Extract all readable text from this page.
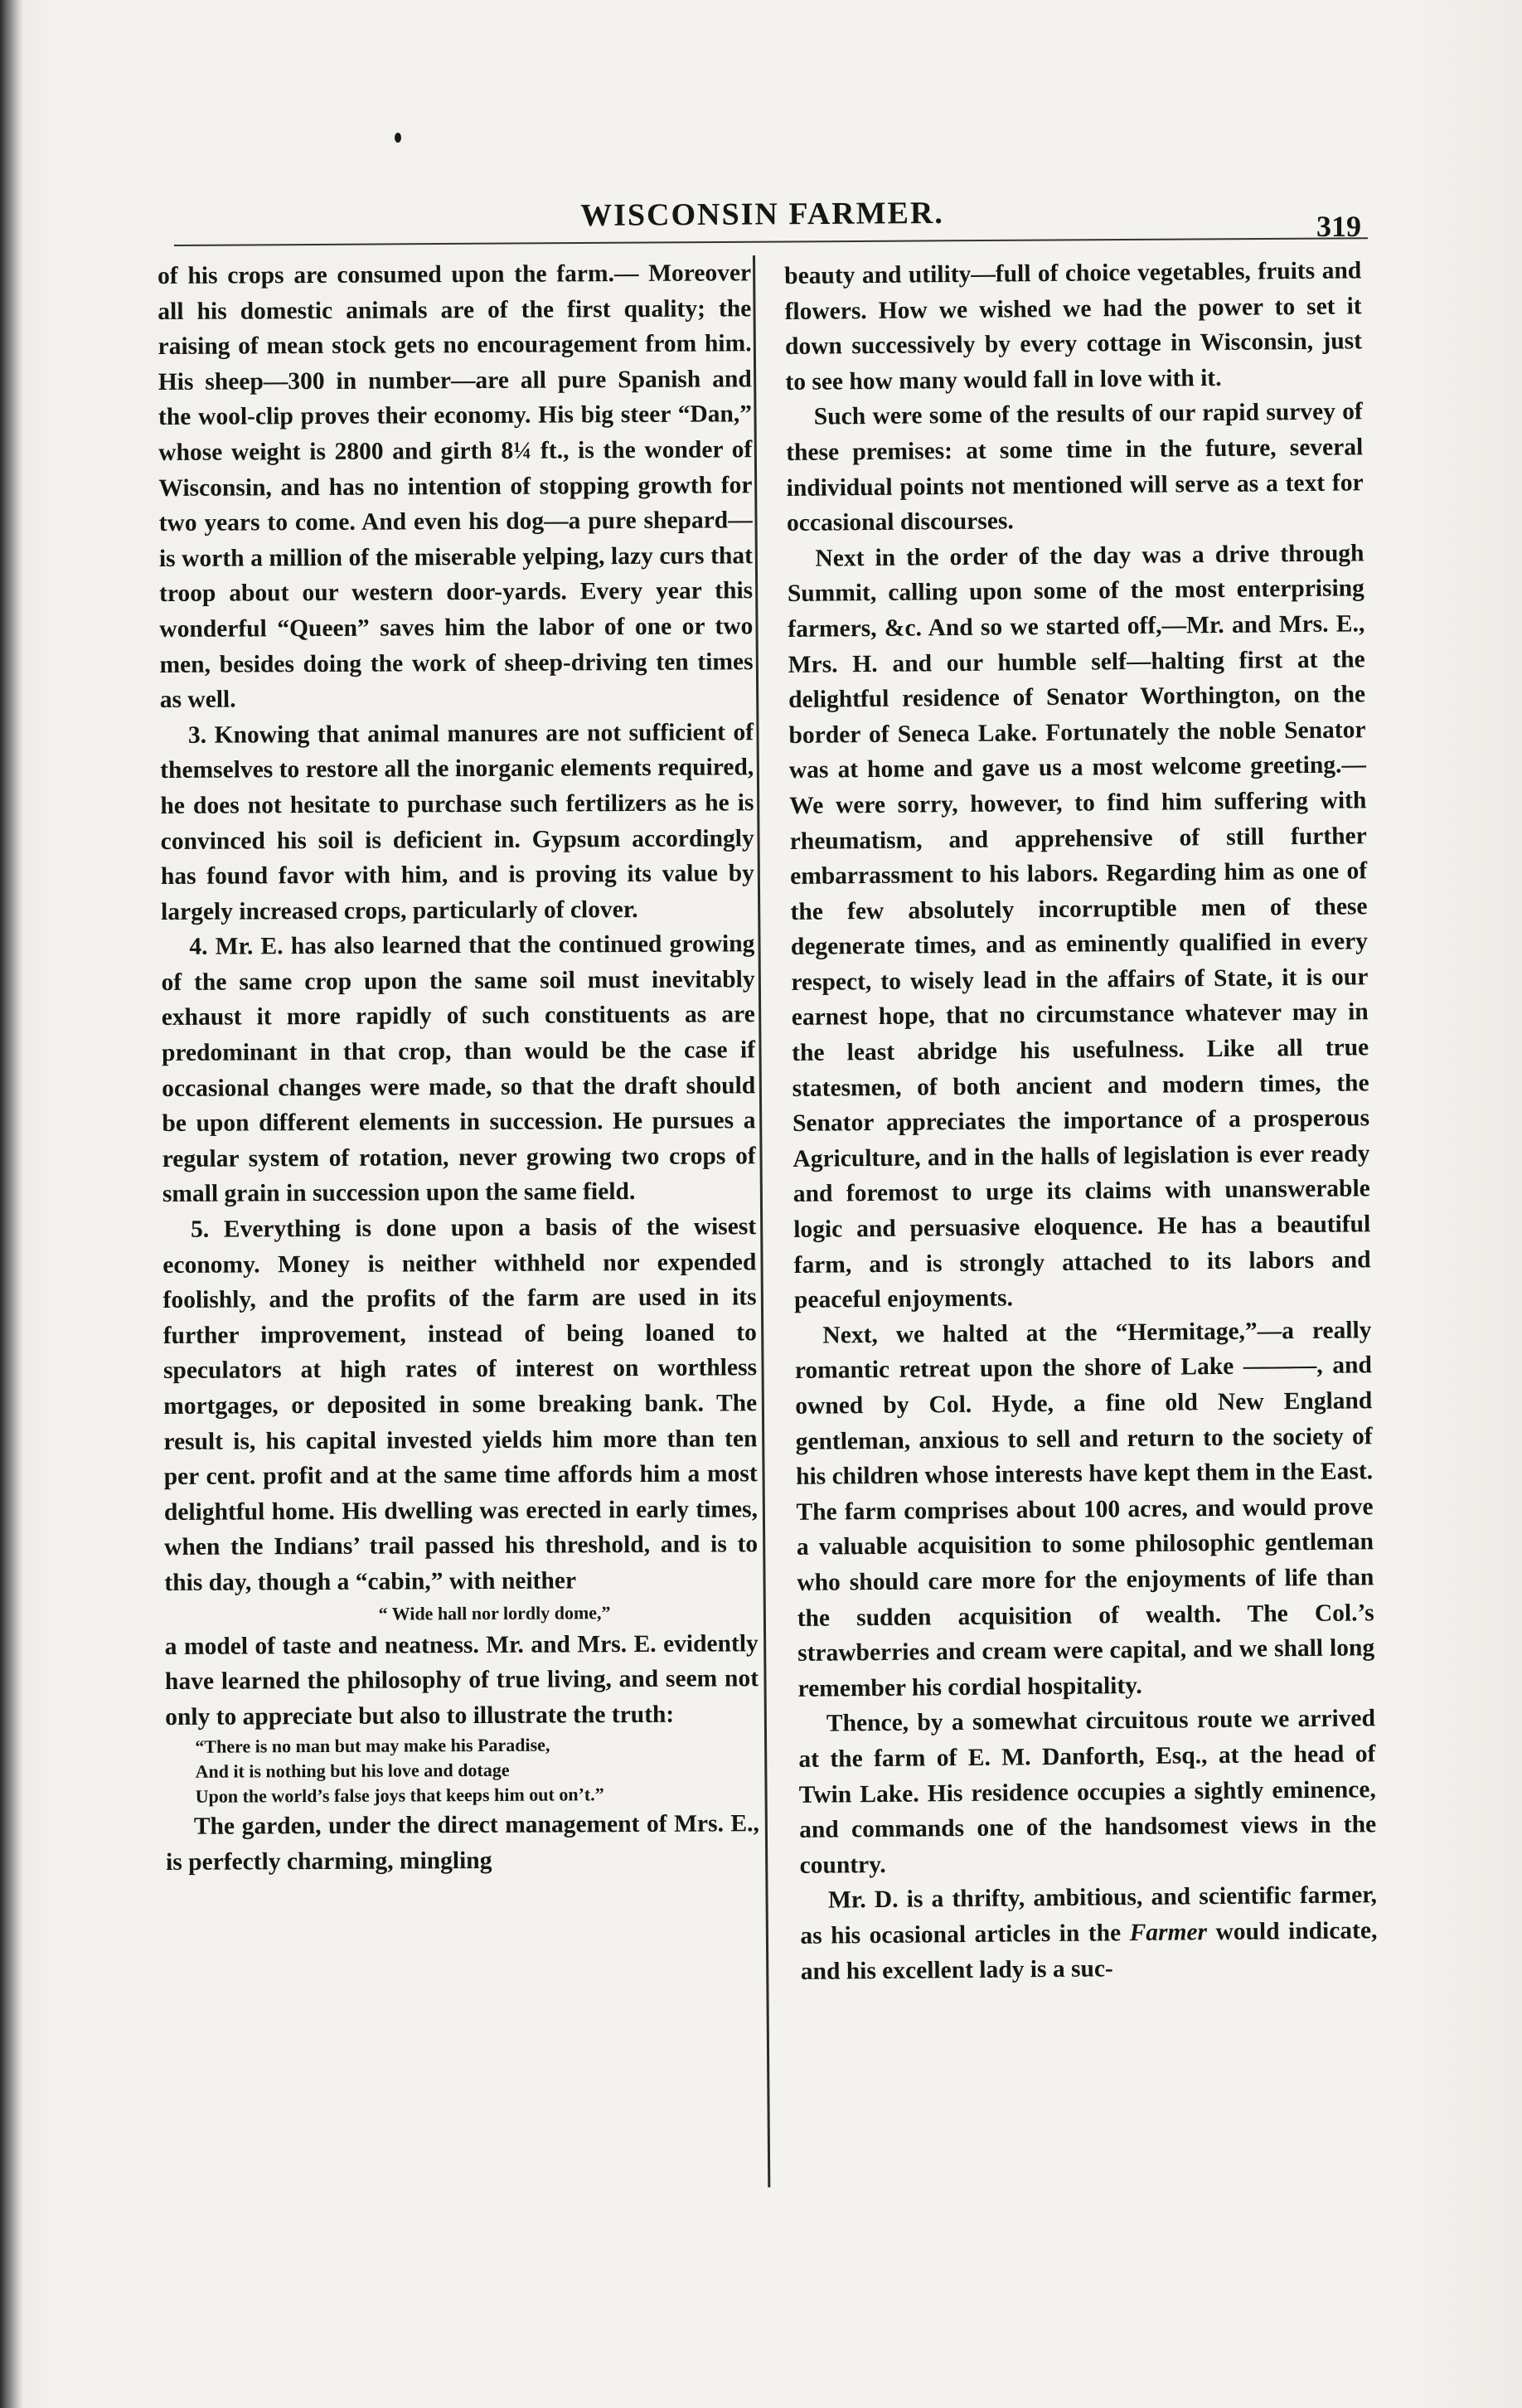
WISCONSIN FARMER.	319

of his crops are consumed upon the farm.— Moreover all his domestic animals are of the first quality; the raising of mean stock gets no encouragement from him. His sheep—300 in number—are all pure Spanish and the wool-clip proves their economy. His big steer “Dan,” whose weight is 2800 and girth 8¼ ft., is the wonder of Wisconsin, and has no intention of stopping growth for two years to come. And even his dog—a pure shepard—is worth a million of the miserable yelping, lazy curs that troop about our western door-yards. Every year this wonderful “Queen” saves him the labor of one or two men, besides doing the work of sheep-driving ten times as well.

3. Knowing that animal manures are not sufficient of themselves to restore all the inorganic elements required, he does not hesitate to purchase such fertilizers as he is convinced his soil is deficient in. Gypsum accordingly has found favor with him, and is proving its value by largely increased crops, particularly of clover.

4. Mr. E. has also learned that the continued growing of the same crop upon the same soil must inevitably exhaust it more rapidly of such constituents as are predominant in that crop, than would be the case if occasional changes were made, so that the draft should be upon different elements in succession. He pursues a regular system of rotation, never growing two crops of small grain in succession upon the same field.

5. Everything is done upon a basis of the wisest economy. Money is neither withheld nor expended foolishly, and the profits of the farm are used in its further improvement, instead of being loaned to speculators at high rates of interest on worthless mortgages, or deposited in some breaking bank. The result is, his capital invested yields him more than ten per cent. profit and at the same time affords him a most delightful home. His dwelling was erected in early times, when the Indians’ trail passed his threshold, and is to this day, though a “cabin,” with neither

“ Wide hall nor lordly dome,”

a model of taste and neatness. Mr. and Mrs. E. evidently have learned the philosophy of true living, and seem not only to appreciate but also to illustrate the truth:

“There is no man but may make his Paradise,
And it is nothing but his love and dotage
Upon the world’s false joys that keeps him out on’t.”

The garden, under the direct management of Mrs. E., is perfectly charming, mingling

beauty and utility—full of choice vegetables, fruits and flowers. How we wished we had the power to set it down successively by every cottage in Wisconsin, just to see how many would fall in love with it.

Such were some of the results of our rapid survey of these premises: at some time in the future, several individual points not mentioned will serve as a text for occasional discourses.

Next in the order of the day was a drive through Summit, calling upon some of the most enterprising farmers, &c. And so we started off,—Mr. and Mrs. E., Mrs. H. and our humble self—halting first at the delightful residence of Senator Worthington, on the border of Seneca Lake. Fortunately the noble Senator was at home and gave us a most welcome greeting.— We were sorry, however, to find him suffering with rheumatism, and apprehensive of still further embarrassment to his labors. Regarding him as one of the few absolutely incorruptible men of these degenerate times, and as eminently qualified in every respect, to wisely lead in the affairs of State, it is our earnest hope, that no circumstance whatever may in the least abridge his usefulness. Like all true statesmen, of both ancient and modern times, the Senator appreciates the importance of a prosperous Agriculture, and in the halls of legislation is ever ready and foremost to urge its claims with unanswerable logic and persuasive eloquence. He has a beautiful farm, and is strongly attached to its labors and peaceful enjoyments.

Next, we halted at the “Hermitage,”—a really romantic retreat upon the shore of Lake ———, and owned by Col. Hyde, a fine old New England gentleman, anxious to sell and return to the society of his children whose interests have kept them in the East. The farm comprises about 100 acres, and would prove a valuable acquisition to some philosophic gentleman who should care more for the enjoyments of life than the sudden acquisition of wealth. The Col.’s strawberries and cream were capital, and we shall long remember his cordial hospitality.

Thence, by a somewhat circuitous route we arrived at the farm of E. M. Danforth, Esq., at the head of Twin Lake. His residence occupies a sightly eminence, and commands one of the handsomest views in the country.

Mr. D. is a thrifty, ambitious, and scientific farmer, as his ocasional articles in the Farmer would indicate, and his excellent lady is a suc-
